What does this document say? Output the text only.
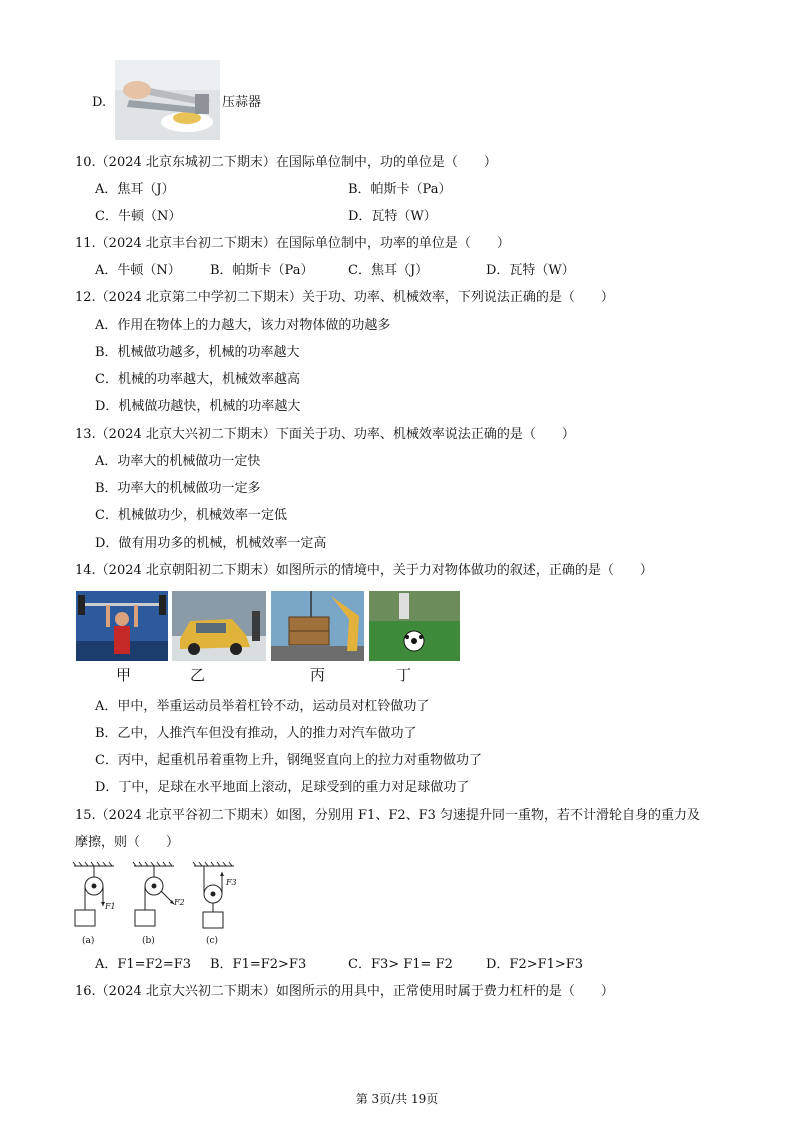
D.	压蒜器
10.（2024 北京东城初二下期末）在国际单位制中，功的单位是（　　）
A．焦耳（J）	B．帕斯卡（Pa）
C．牛顿（N）	D．瓦特（W）
11.（2024 北京丰台初二下期末）在国际单位制中，功率的单位是（　　）
A．牛顿（N） B．帕斯卡（Pa）	C．焦耳（J）	D．瓦特（W）
12.（2024 北京第二中学初二下期末）关于功、功率、机械效率，下列说法正确的是（　　）
A．作用在物体上的力越大，该力对物体做的功越多
B．机械做功越多，机械的功率越大
C．机械的功率越大，机械效率越高
D．机械做功越快，机械的功率越大
13.（2024 北京大兴初二下期末）下面关于功、功率、机械效率说法正确的是（　　）
A．功率大的机械做功一定快
B．功率大的机械做功一定多
C．机械做功少，机械效率一定低
D．做有用功多的机械，机械效率一定高
14.（2024 北京朝阳初二下期末）如图所示的情境中，关于力对物体做功的叙述，正确的是（　　）
甲	乙	丙	丁
A．甲中，举重运动员举着杠铃不动，运动员对杠铃做功了
B．乙中，人推汽车但没有推动，人的推力对汽车做功了
C．丙中，起重机吊着重物上升，钢绳竖直向上的拉力对重物做功了
D．丁中，足球在水平地面上滚动，足球受到的重力对足球做功了
15.（2024 北京平谷初二下期末）如图，分别用 F1、F2、F3 匀速提升同一重物，若不计滑轮自身的重力及
摩擦，则（　　）
F1	F2
F3
(a)	(b)	(c)
A．F1=F2=F3 B．F1=F2>F3	C．F3> F1= F2	D．F2>F1>F3
16.（2024 北京大兴初二下期末）如图所示的用具中，正常使用时属于费力杠杆的是（　　）
第 3页/共 19页
